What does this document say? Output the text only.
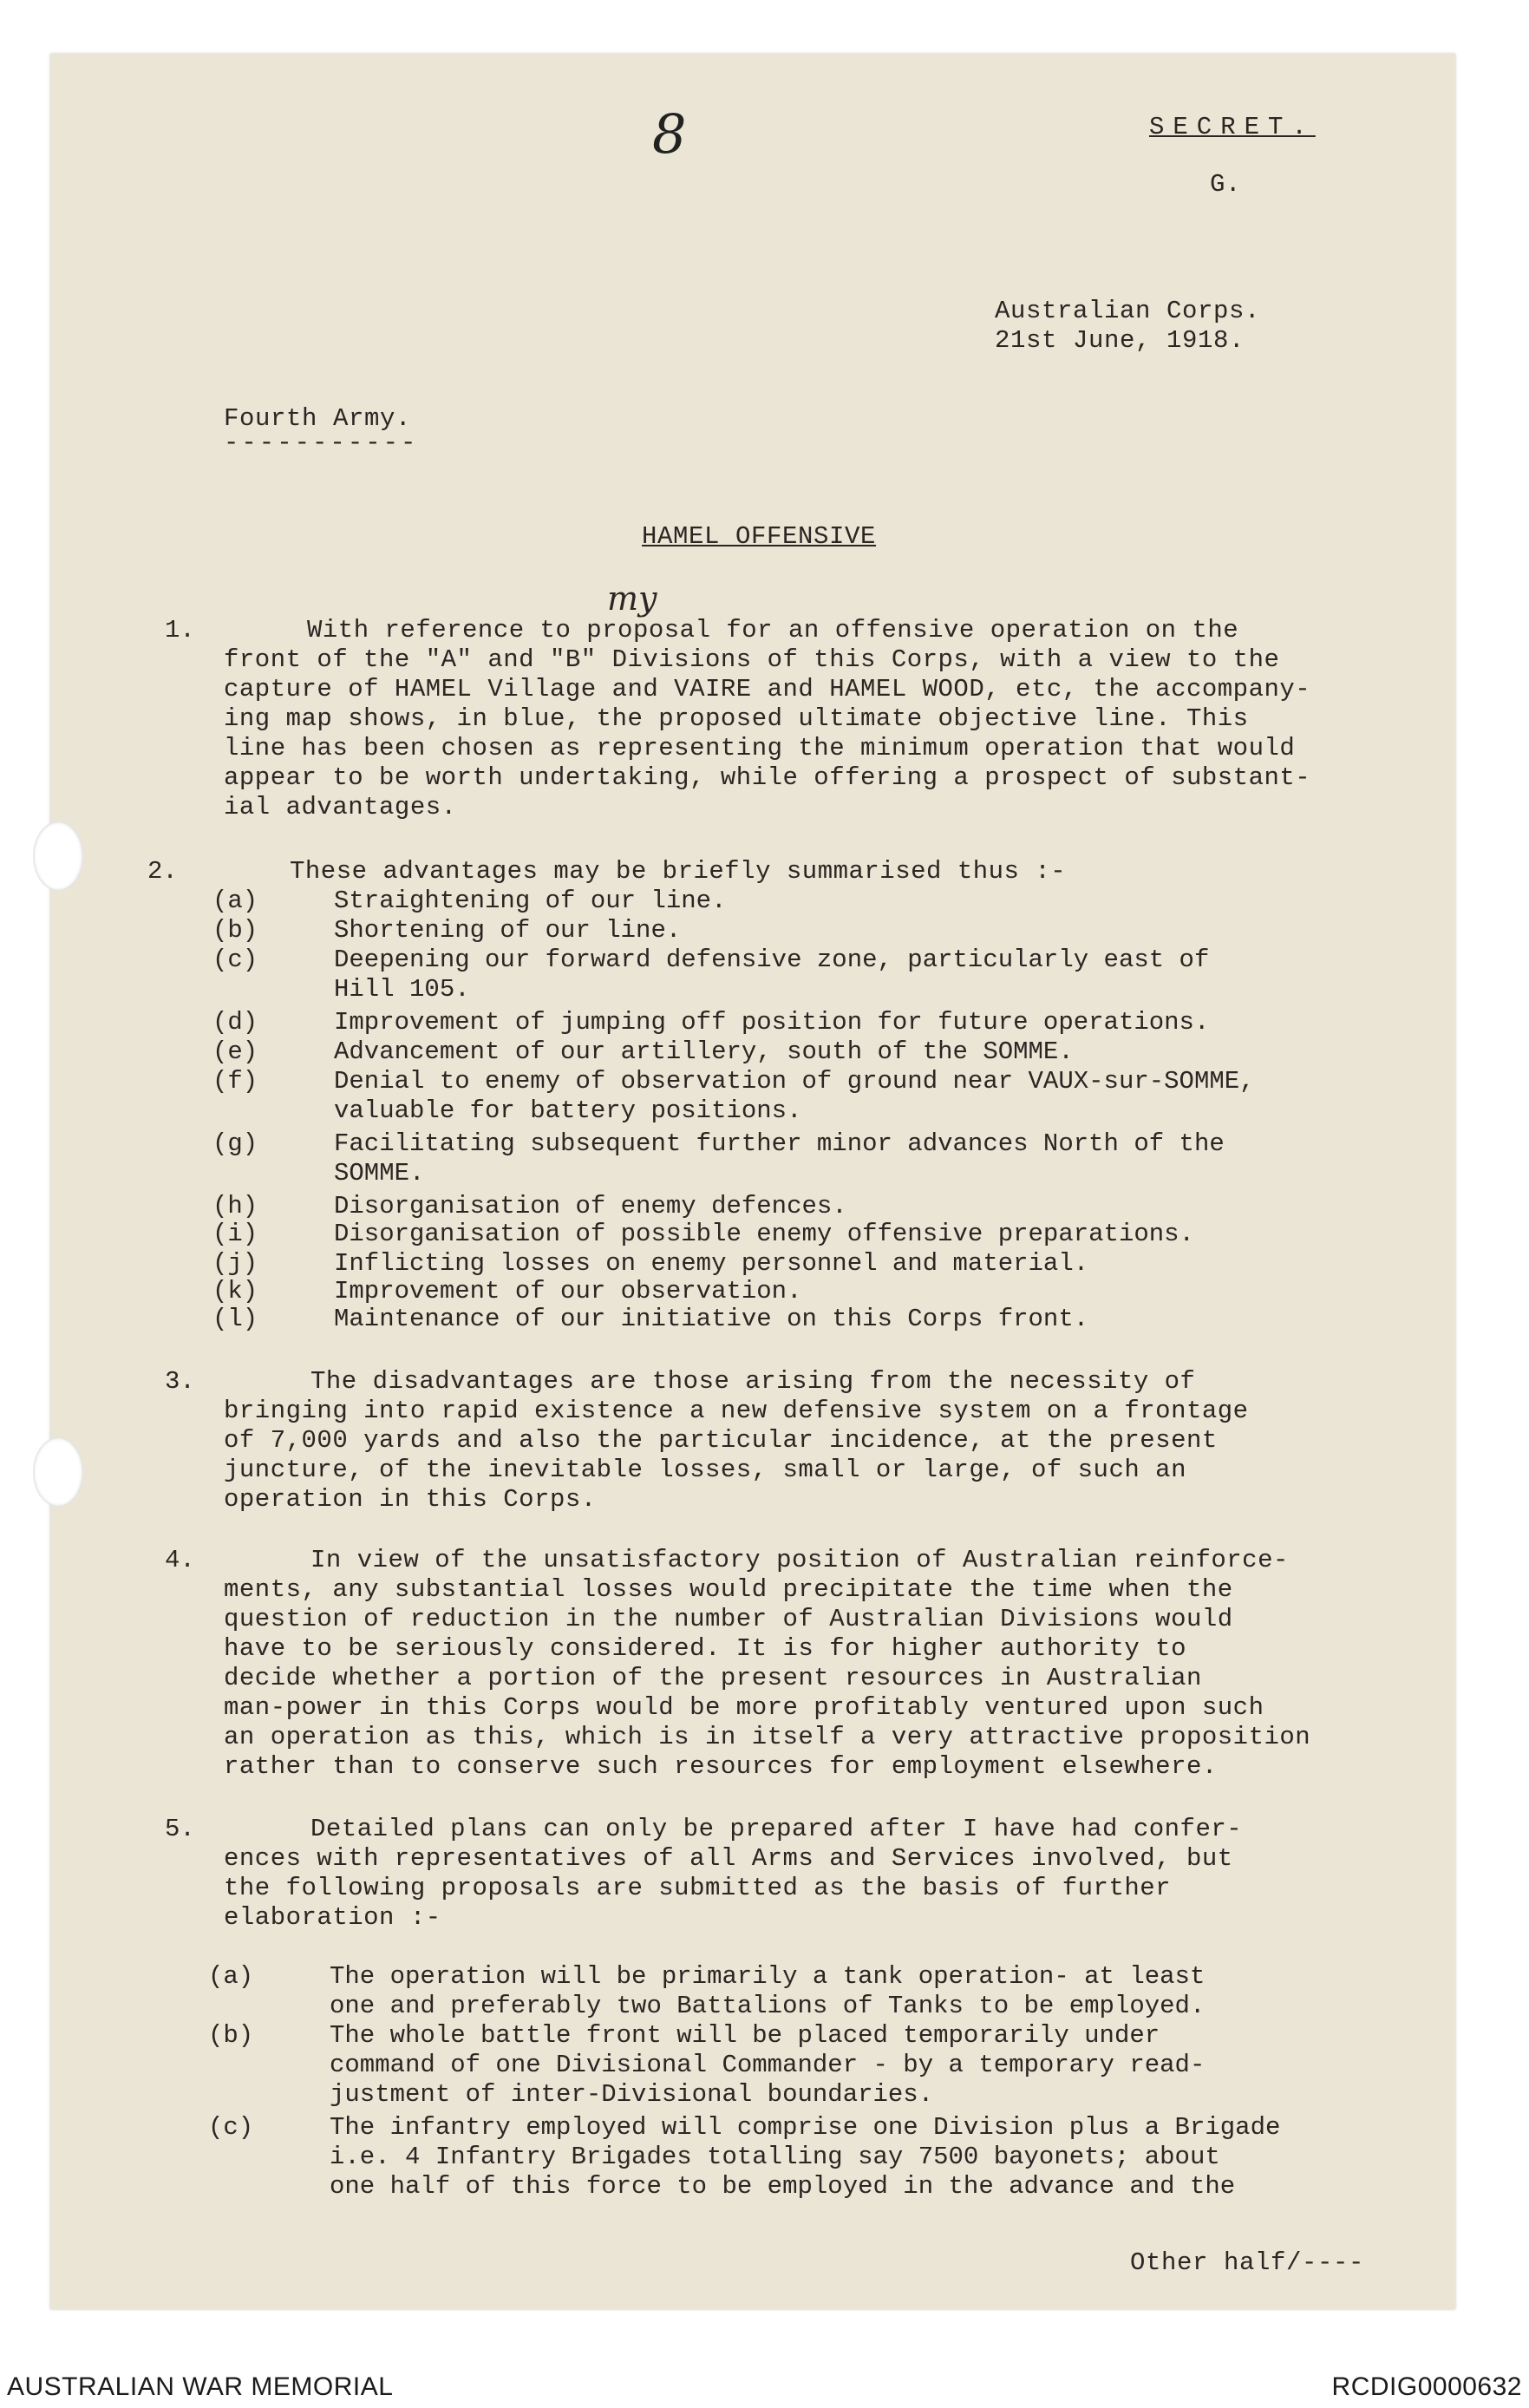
8	SECRET.
G.
Australian Corps.
21st June, 1918.
Fourth Army.
-----------
HAMEL OFFENSIVE
my
1.	With reference to proposal for an offensive operation on the
front of the "A" and "B" Divisions of this Corps, with a view to the
capture of HAMEL Village and VAIRE and HAMEL WOOD, etc, the accompany-
ing map shows, in blue, the proposed ultimate objective line. This
line has been chosen as representing the minimum operation that would
appear to be worth undertaking, while offering a prospect of substant-
ial advantages.
2.	These advantages may be briefly summarised thus :-
(a)	Straightening of our line.
(b)	Shortening of our line.
(c)	Deepening our forward defensive zone, particularly east of
Hill 105.
(d)	Improvement of jumping off position for future operations.
(e)	Advancement of our artillery, south of the SOMME.
(f)	Denial to enemy of observation of ground near VAUX-sur-SOMME,
valuable for battery positions.
(g)	Facilitating subsequent further minor advances North of the
SOMME.
(h)	Disorganisation of enemy defences.
(i)	Disorganisation of possible enemy offensive preparations.
(j)	Inflicting losses on enemy personnel and material.
(k)	Improvement of our observation.
(l)	Maintenance of our initiative on this Corps front.
3.	The disadvantages are those arising from the necessity of
bringing into rapid existence a new defensive system on a frontage
of 7,000 yards and also the particular incidence, at the present
juncture, of the inevitable losses, small or large, of such an
operation in this Corps.
4.	In view of the unsatisfactory position of Australian reinforce-
ments, any substantial losses would precipitate the time when the
question of reduction in the number of Australian Divisions would
have to be seriously considered. It is for higher authority to
decide whether a portion of the present resources in Australian
man-power in this Corps would be more profitably ventured upon such
an operation as this, which is in itself a very attractive proposition
rather than to conserve such resources for employment elsewhere.
5.	Detailed plans can only be prepared after I have had confer-
ences with representatives of all Arms and Services involved, but
the following proposals are submitted as the basis of further
elaboration :-
(a)	The operation will be primarily a tank operation- at least
one and preferably two Battalions of Tanks to be employed.
(b)	The whole battle front will be placed temporarily under
command of one Divisional Commander - by a temporary read-
justment of inter-Divisional boundaries.
(c)	The infantry employed will comprise one Division plus a Brigade
i.e. 4 Infantry Brigades totalling say 7500 bayonets; about
one half of this force to be employed in the advance and the
Other half/----
AUSTRALIAN WAR MEMORIAL	RCDIG0000632
